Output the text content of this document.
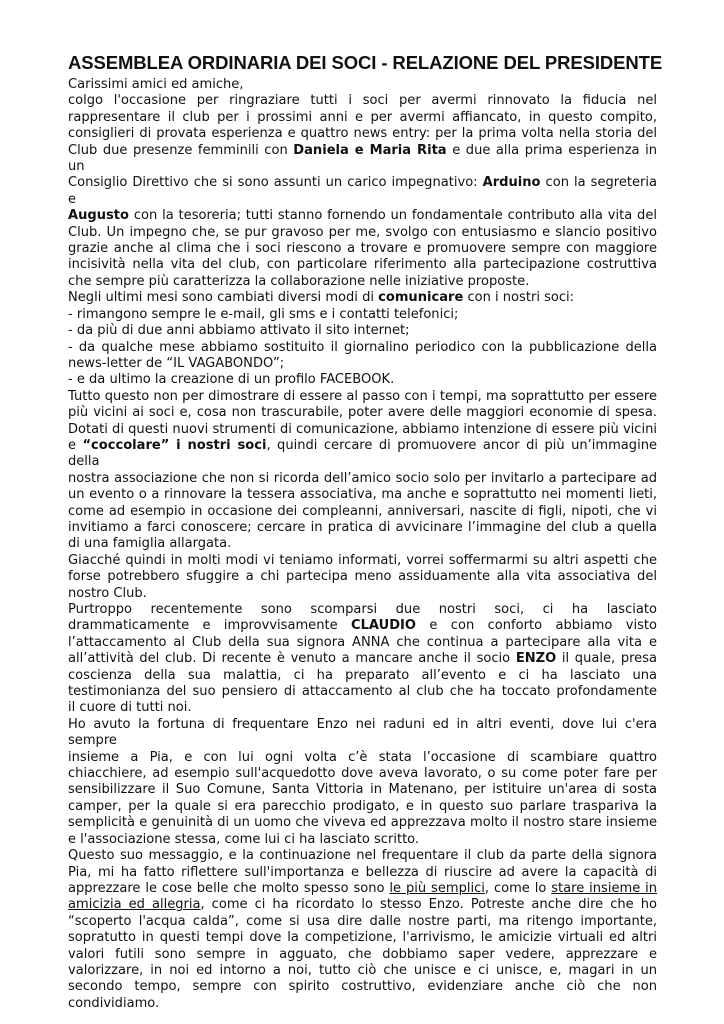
ASSEMBLEA ORDINARIA DEI SOCI - RELAZIONE DEL PRESIDENTE
Carissimi amici ed amiche,
colgo l'occasione per ringraziare tutti i soci per avermi rinnovato la fiducia nel
rappresentare il club per i prossimi anni e per avermi affiancato, in questo compito,
consiglieri di provata esperienza e quattro news entry: per la prima volta nella storia del
Club due presenze femminili con Daniela e Maria Rita e due alla prima esperienza in un
Consiglio Direttivo che si sono assunti un carico impegnativo: Arduino con la segreteria e
Augusto con la tesoreria; tutti stanno fornendo un fondamentale contributo alla vita del
Club. Un impegno che, se pur gravoso per me, svolgo con entusiasmo e slancio positivo
grazie anche al clima che i soci riescono a trovare e promuovere sempre con maggiore
incisività nella vita del club, con particolare riferimento alla partecipazione costruttiva
che sempre più caratterizza la collaborazione nelle iniziative proposte.
Negli ultimi mesi sono cambiati diversi modi di comunicare con i nostri soci:
- rimangono sempre le e-mail, gli sms e i contatti telefonici;
- da più di due anni abbiamo attivato il sito internet;
- da qualche mese abbiamo sostituito il giornalino periodico con la pubblicazione della
news-letter de “IL VAGABONDO”;
- e da ultimo la creazione di un profilo FACEBOOK.
Tutto questo non per dimostrare di essere al passo con i tempi, ma soprattutto per essere
più vicini ai soci e, cosa non trascurabile, poter avere delle maggiori economie di spesa.
Dotati di questi nuovi strumenti di comunicazione, abbiamo intenzione di essere più vicini
e “coccolare” i nostri soci, quindi cercare di promuovere ancor di più un’immagine della
nostra associazione che non si ricorda dell’amico socio solo per invitarlo a partecipare ad
un evento o a rinnovare la tessera associativa, ma anche e soprattutto nei momenti lieti,
come ad esempio in occasione dei compleanni, anniversari, nascite di figli, nipoti, che vi
invitiamo a farci conoscere; cercare in pratica di avvicinare l’immagine del club a quella
di una famiglia allargata.
Giacché quindi in molti modi vi teniamo informati, vorrei soffermarmi su altri aspetti che
forse potrebbero sfuggire a chi partecipa meno assiduamente alla vita associativa del
nostro Club.
Purtroppo recentemente sono scomparsi due nostri soci, ci ha lasciato
drammaticamente e improvvisamente CLAUDIO e con conforto abbiamo visto
l’attaccamento al Club della sua signora ANNA che continua a partecipare alla vita e
all’attività del club. Di recente è venuto a mancare anche il socio ENZO il quale, presa
coscienza della sua malattia, ci ha preparato all’evento e ci ha lasciato una
testimonianza del suo pensiero di attaccamento al club che ha toccato profondamente
il cuore di tutti noi.
Ho avuto la fortuna di frequentare Enzo nei raduni ed in altri eventi, dove lui c'era sempre
insieme a Pia, e con lui ogni volta c’è stata l’occasione di scambiare quattro
chiacchiere, ad esempio sull'acquedotto dove aveva lavorato, o su come poter fare per
sensibilizzare il Suo Comune, Santa Vittoria in Matenano, per istituire un'area di sosta
camper, per la quale si era parecchio prodigato, e in questo suo parlare traspariva la
semplicità e genuinità di un uomo che viveva ed apprezzava molto il nostro stare insieme
e l'associazione stessa, come lui ci ha lasciato scritto.
Questo suo messaggio, e la continuazione nel frequentare il club da parte della signora
Pia, mi ha fatto riflettere sull'importanza e bellezza di riuscire ad avere la capacità di
apprezzare le cose belle che molto spesso sono le più semplici, come lo stare insieme in
amicizia ed allegria, come ci ha ricordato lo stesso Enzo. Potreste anche dire che ho
“scoperto l'acqua calda”, come si usa dire dalle nostre parti, ma ritengo importante,
sopratutto in questi tempi dove la competizione, l'arrivismo, le amicizie virtuali ed altri
valori futili sono sempre in agguato, che dobbiamo saper vedere, apprezzare e
valorizzare, in noi ed intorno a noi, tutto ciò che unisce e ci unisce, e, magari in un
secondo tempo, sempre con spirito costruttivo, evidenziare anche ciò che non
condividiamo.
